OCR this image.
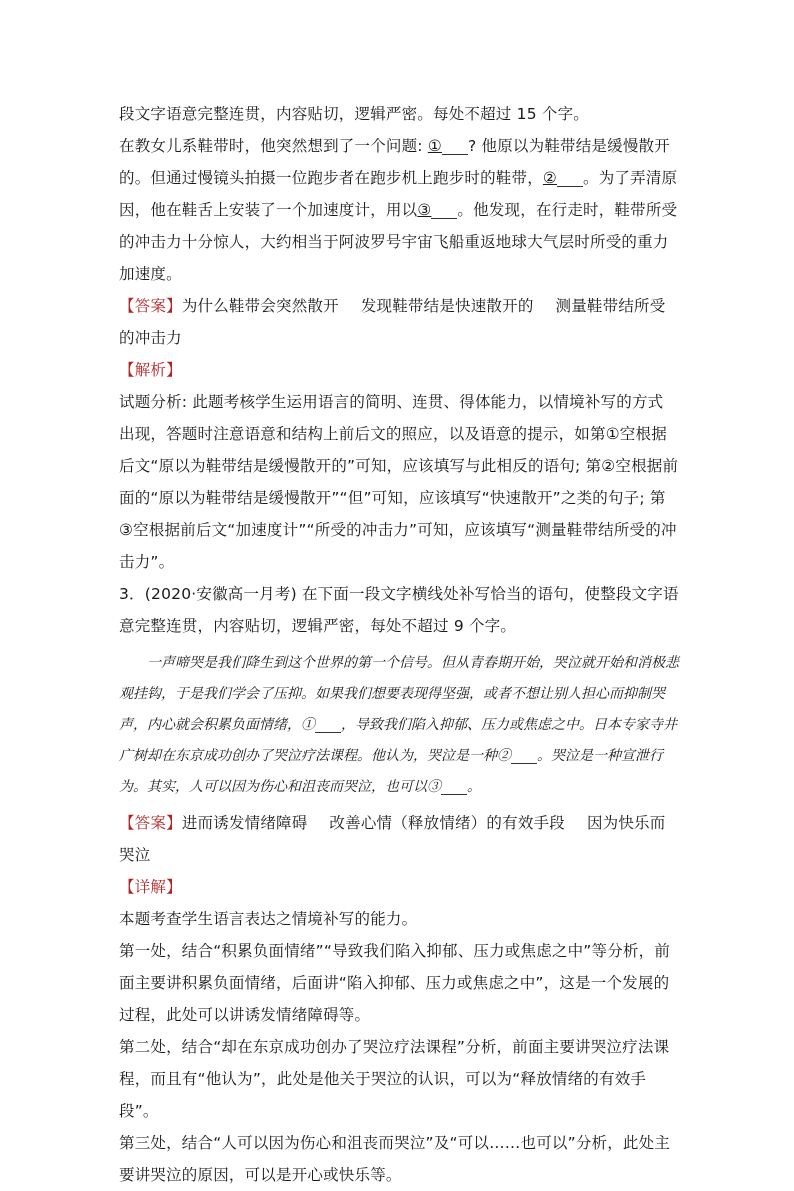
段文字语意完整连贯，内容贴切，逻辑严密。每处不超过 15 个字。

在教女儿系鞋带时，他突然想到了一个问题: ① ? 他原以为鞋带结是缓慢散开的。但通过慢镜头拍摄一位跑步者在跑步机上跑步时的鞋带，② 。为了弄清原因，他在鞋舌上安装了一个加速度计，用以③ 。他发现，在行走时，鞋带所受的冲击力十分惊人，大约相当于阿波罗号宇宙飞船重返地球大气层时所受的重力加速度。

【答案】为什么鞋带会突然散开 发现鞋带结是快速散开的 测量鞋带结所受的冲击力

【解析】

试题分析: 此题考核学生运用语言的简明、连贯、得体能力，以情境补写的方式出现，答题时注意语意和结构上前后文的照应，以及语意的提示，如第①空根据后文“原以为鞋带结是缓慢散开的”可知，应该填写与此相反的语句; 第②空根据前面的“原以为鞋带结是缓慢散开”“但”可知，应该填写“快速散开”之类的句子; 第③空根据前后文“加速度计”“所受的冲击力”可知，应该填写“测量鞋带结所受的冲击力”。

3．(2020·安徽高一月考) 在下面一段文字横线处补写恰当的语句，使整段文字语意完整连贯，内容贴切，逻辑严密，每处不超过 9 个字。

一声啼哭是我们降生到这个世界的第一个信号。但从青春期开始，哭泣就开始和消极悲观挂钩，于是我们学会了压抑。如果我们想要表现得坚强，或者不想让别人担心而抑制哭声，内心就会积累负面情绪，① ，导致我们陷入抑郁、压力或焦虑之中。日本专家寺井广树却在东京成功创办了哭泣疗法课程。他认为，哭泣是一种② 。哭泣是一种宣泄行为。其实，人可以因为伤心和沮丧而哭泣，也可以③ 。

【答案】进而诱发情绪障碍 改善心情（释放情绪）的有效手段 因为快乐而哭泣

【详解】

本题考查学生语言表达之情境补写的能力。

第一处，结合“积累负面情绪”“导致我们陷入抑郁、压力或焦虑之中”等分析，前面主要讲积累负面情绪，后面讲“陷入抑郁、压力或焦虑之中”，这是一个发展的过程，此处可以讲诱发情绪障碍等。

第二处，结合“却在东京成功创办了哭泣疗法课程”分析，前面主要讲哭泣疗法课程，而且有“他认为”，此处是他关于哭泣的认识，可以为“释放情绪的有效手段”。

第三处，结合“人可以因为伤心和沮丧而哭泣”及“可以……也可以”分析，此处主要讲哭泣的原因，可以是开心或快乐等。
